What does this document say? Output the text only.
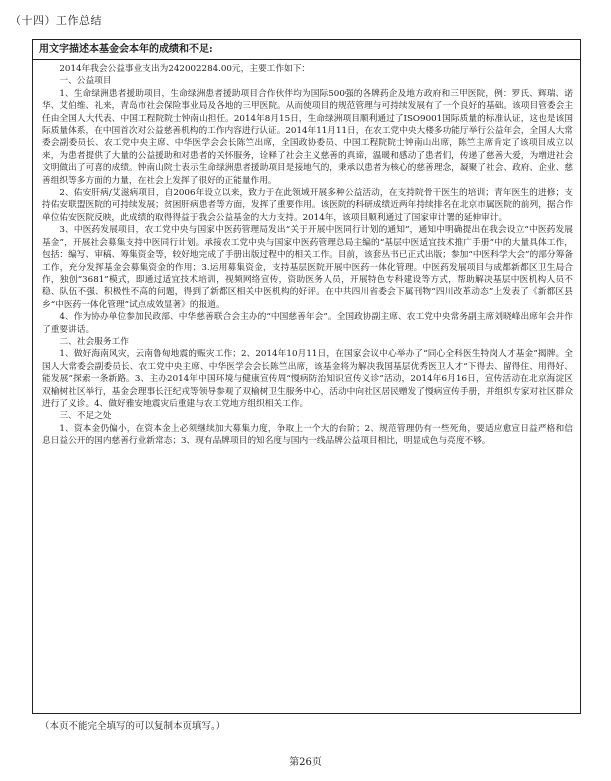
（十四）工作总结
用文字描述本基金会本年的成绩和不足:

2014年我会公益事业支出为242002284.00元，主要工作如下：

一、公益项目

1、生命绿洲患者援助项目，生命绿洲患者援助项目合作伙伴均为国际500强的各牌药企及地方政府和三甲医院，例：罗氏、辉瑞、诺华、艾伯维、礼来，青岛市社会保险事业局及各地的三甲医院。从而使项目的规范管理与可持续发展有了一个良好的基础。该项目管委会主任由全国人大代表、中国工程院院士钟南山担任。2014年8月15日，生命绿洲项目顺利通过了ISO9001国际质量的标准认证，这也是该国际质量体系，在中国首次对公益慈善机构的工作内容进行认证。2014年11月11日，在农工党中央大楼多功能厅举行公益年会，全国人大常委会副委员长、农工党中央主席、中华医学会会长陈竺出席，全国政协委员、中国工程院院士钟南山出席，陈竺主席肯定了该项目成立以来，为患者提供了大量的公益援助和对患者的关怀服务，诠释了社会主义慈善的真谛，温暖和感动了患者们，传递了慈善大爱，为增进社会文明做出了可喜的成绩。钟南山院士表示生命绿洲患者援助项目是接地气的，秉承以患者为核心的慈善理念，凝聚了社会、政府、企业、慈善组织等多方面的力量，在社会上发挥了很好的正能量作用。

2、佑安肝病/艾滋病项目，自2006年设立以来，致力于在此领域开展多种公益活动，在支持院骨干医生的培训；青年医生的进修；支持佑安联盟医院的可持续发展；贫困肝病患者等方面，发挥了重要作用。该医院的科研成绩近两年持续排名在北京市属医院的前列，据合作单位佑安医院反映，此成绩的取得得益于我会公益基金的大力支持。2014年，该项目顺利通过了国家审计署的延伸审计。

3、中医药发展项目，农工党中央与国家中医药管理局发出“关于开展中医同行计划的通知”，通知中明确提出在我会设立“中医药发展基金”，开展社会募集支持中医同行计划。承接农工党中央与国家中医药管理总局主编的“基层中医适宜技术推广手册”中的大量具体工作，包括：编写、审稿、筹集资金等，较好地完成了手册出版过程中的相关工作。目前，该套丛书已正式出版；参加“中医科学大会”的部分筹备工作，充分发挥基金会募集资金的作用；3.运用募集资金，支持基层医院开展中医药一体化管理。中医药发展项目与成都新都区卫生局合作，独创“3681”模式，即通过适宜技术培训，视频网络宣传，资助医务人员，开展特色专科建设等方式，帮助解决基层中医机构人员不稳、队伍不强、积极性不高的问题，得到了新都区相关中医机构的好评。在中共四川省委会下属刊物“四川改革动态”上发表了《新都区县乡“中医药一体化管理”试点成效显著》的报道。

4、作为协办单位参加民政部、中华慈善联合会主办的“中国慈善年会”。全国政协副主席、农工党中央常务副主席刘晓峰出席年会并作了重要讲话。

二、社会服务工作

1、做好海南风灾，云南鲁甸地震的赈灾工作；2、2014年10月11日，在国家会议中心举办了“同心全科医生特岗人才基金”揭牌。全国人大常委会副委员长、农工党中央主席、中华医学会会长陈竺出席，该基金将为解决我国基层优秀医卫人才“下得去、留得住、用得好、能发展”探索一条新路。3、主办2014年中国环境与健康宣传周“慢病防治知识宣传义诊”活动，2014年6月16日，宣传活动在北京海淀区双榆树社区举行，基金会理事长汪纪戎等领导参观了双榆树卫生服务中心，活动中向社区居民赠发了慢病宣传手册，并组织专家对社区群众进行了义诊。4、做好雅安地震灾后重建与农工党地方组织相关工作。

三、不足之处

1、资本金仍偏小，在资本金上必须继续加大募集力度，争取上一个大的台阶；2、规范管理仍有一些死角，要适应愈宣日益严格和信息日益公开的国内慈善行业新常态；3、现有品牌项目的知名度与国内一线品牌公益项目相比，明显成色与亮度不够。

（本页不能完全填写的可以复制本页填写。）
第26页
